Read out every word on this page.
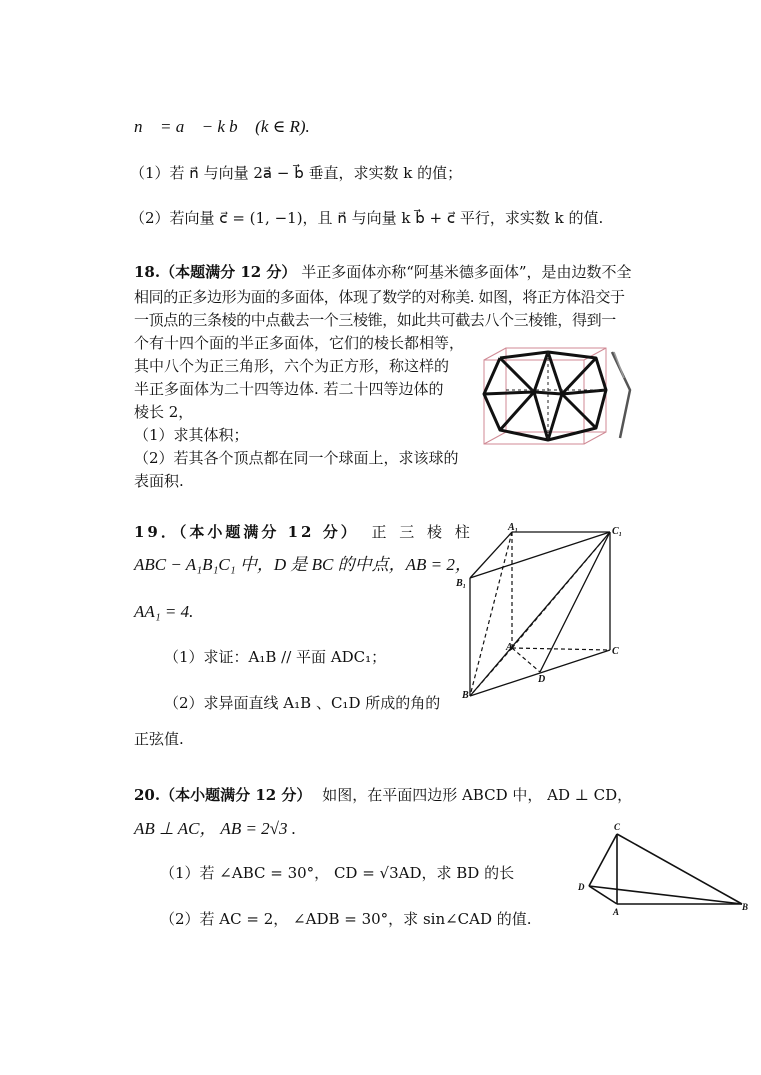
n⃗ = a⃗ − k b⃗ (k ∈ R).
（1）若 n⃗ 与向量 2a⃗ − b⃗ 垂直，求实数 k 的值；
（2）若向量 c⃗ = (1, −1)，且 n⃗ 与向量 k b⃗ + c⃗ 平行，求实数 k 的值.
18.（本题满分 12 分） 半正多面体亦称“阿基米德多面体”，是由边数不全
相同的正多边形为面的多面体，体现了数学的对称美. 如图，将正方体沿交于
一顶点的三条棱的中点截去一个三棱锥，如此共可截去八个三棱锥，得到一
个有十四个面的半正多面体，它们的棱长都相等，
其中八个为正三角形，六个为正方形，称这样的
半正多面体为二十四等边体. 若二十四等边体的
棱长 2，
（1）求其体积；
（2）若其各个顶点都在同一个球面上，求该球的
表面积.
19．（本小题满分 12 分） 正 三 棱 柱
ABC − A₁B₁C₁ 中，D 是 BC 的中点，AB = 2，
AA₁ = 4.
（1）求证：A₁B // 平面 ADC₁；
（2）求异面直线 A₁B 、C₁D 所成的角的
正弦值.
A₁	C₁
B₁
A	C
B
D
20.（本小题满分 12 分） 如图，在平面四边形 ABCD 中， AD ⊥ CD，
AB ⊥ AC， AB = 2√3 .
（1）若 ∠ABC = 30°， CD = √3AD，求 BD 的长
（2）若 AC = 2， ∠ADB = 30°，求 sin∠CAD 的值.
C
D
A	B
